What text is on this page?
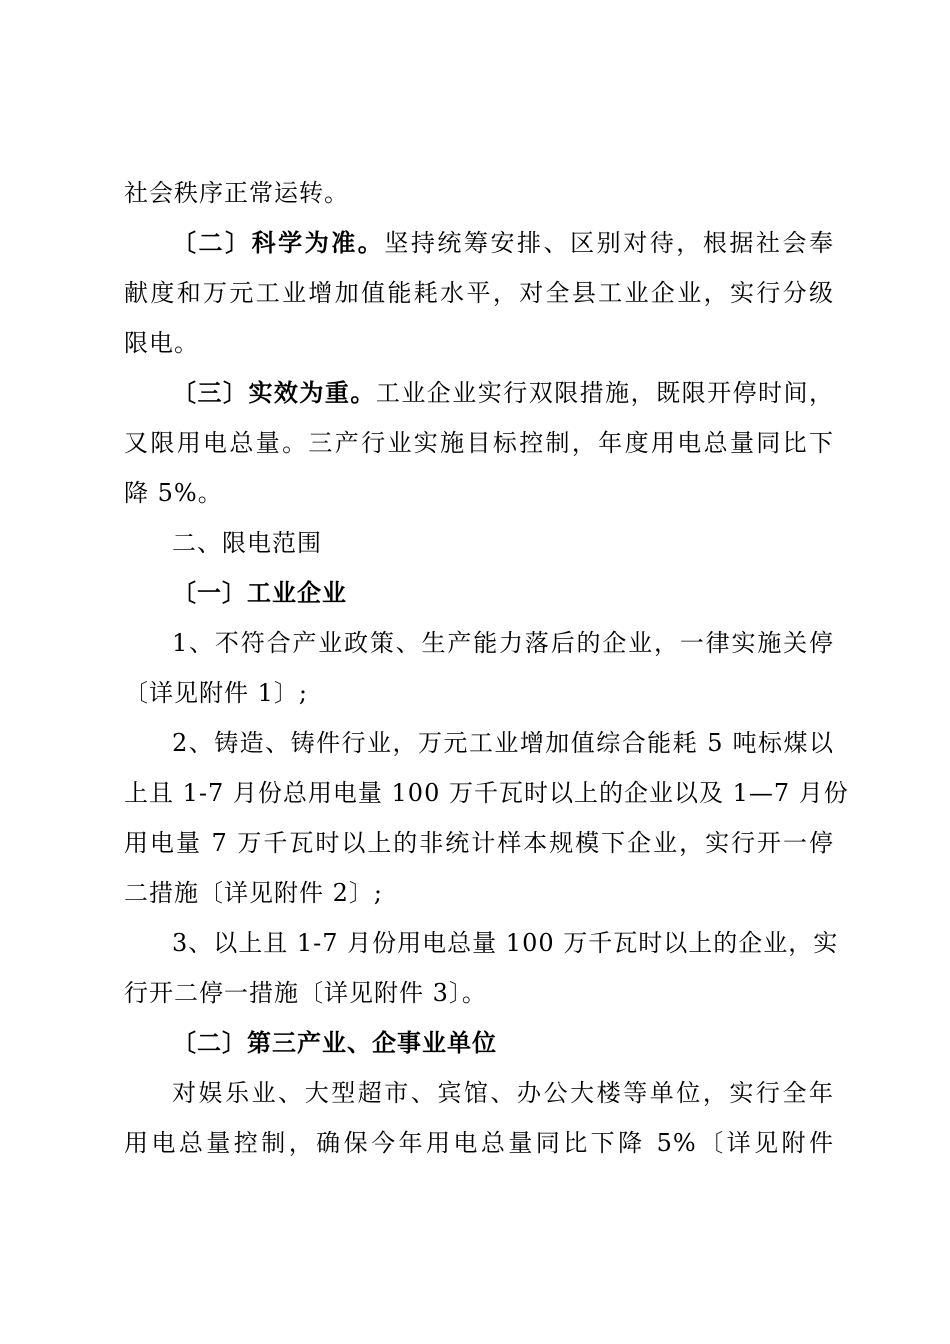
社会秩序正常运转。
〔二〕科学为准。坚持统筹安排、区别对待，根据社会奉
献度和万元工业增加值能耗水平，对全县工业企业，实行分级
限电。
〔三〕实效为重。工业企业实行双限措施，既限开停时间，
又限用电总量。三产行业实施目标控制，年度用电总量同比下
降 5%。
二、限电范围
〔一〕工业企业
1、不符合产业政策、生产能力落后的企业，一律实施关停
〔详见附件 1〕;
2、铸造、铸件行业，万元工业增加值综合能耗 5 吨标煤以
上且 1-7 月份总用电量 100 万千瓦时以上的企业以及 1—7 月份
用电量 7 万千瓦时以上的非统计样本规模下企业，实行开一停
二措施〔详见附件 2〕;
3、以上且 1-7 月份用电总量 100 万千瓦时以上的企业，实
行开二停一措施〔详见附件 3〕。
〔二〕第三产业、企事业单位
对娱乐业、大型超市、宾馆、办公大楼等单位，实行全年
用电总量控制，确保今年用电总量同比下降 5%〔详见附件
